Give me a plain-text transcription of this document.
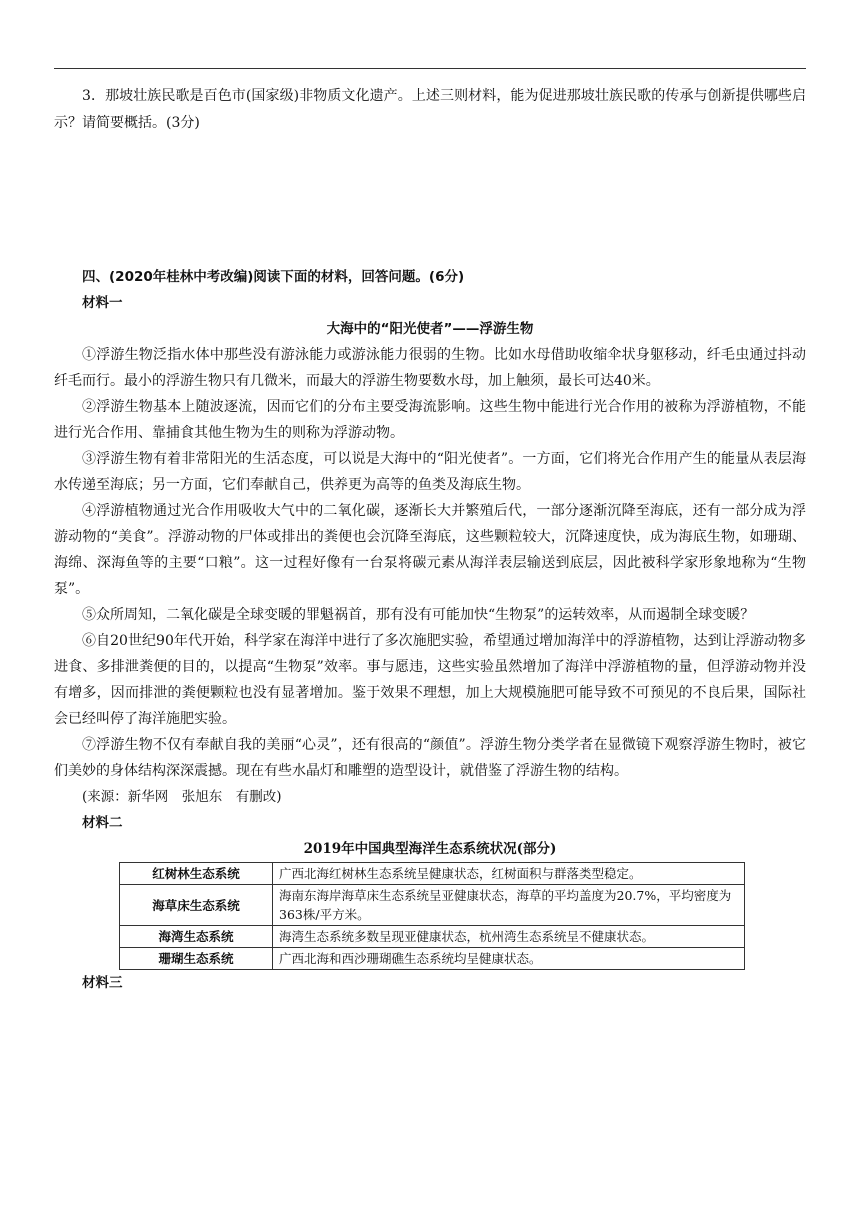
3．那坡壮族民歌是百色市(国家级)非物质文化遗产。上述三则材料，能为促进那坡壮族民歌的传承与创新提供哪些启示？请简要概括。(3分)

四、(2020年桂林中考改编)阅读下面的材料，回答问题。(6分)

材料一

大海中的“阳光使者”——浮游生物

①浮游生物泛指水体中那些没有游泳能力或游泳能力很弱的生物。比如水母借助收缩伞状身躯移动，纤毛虫通过抖动纤毛而行。最小的浮游生物只有几微米，而最大的浮游生物要数水母，加上触须，最长可达40米。

②浮游生物基本上随波逐流，因而它们的分布主要受海流影响。这些生物中能进行光合作用的被称为浮游植物，不能进行光合作用、靠捕食其他生物为生的则称为浮游动物。

③浮游生物有着非常阳光的生活态度，可以说是大海中的“阳光使者”。一方面，它们将光合作用产生的能量从表层海水传递至海底；另一方面，它们奉献自己，供养更为高等的鱼类及海底生物。

④浮游植物通过光合作用吸收大气中的二氧化碳，逐渐长大并繁殖后代，一部分逐渐沉降至海底，还有一部分成为浮游动物的“美食”。浮游动物的尸体或排出的粪便也会沉降至海底，这些颗粒较大，沉降速度快，成为海底生物，如珊瑚、海绵、深海鱼等的主要“口粮”。这一过程好像有一台泵将碳元素从海洋表层输送到底层，因此被科学家形象地称为“生物泵”。

⑤众所周知，二氧化碳是全球变暖的罪魁祸首，那有没有可能加快“生物泵”的运转效率，从而遏制全球变暖？

⑥自20世纪90年代开始，科学家在海洋中进行了多次施肥实验，希望通过增加海洋中的浮游植物，达到让浮游动物多进食、多排泄粪便的目的，以提高“生物泵”效率。事与愿违，这些实验虽然增加了海洋中浮游植物的量，但浮游动物并没有增多，因而排泄的粪便颗粒也没有显著增加。鉴于效果不理想，加上大规模施肥可能导致不可预见的不良后果，国际社会已经叫停了海洋施肥实验。

⑦浮游生物不仅有奉献自我的美丽“心灵”，还有很高的“颜值”。浮游生物分类学者在显微镜下观察浮游生物时，被它们美妙的身体结构深深震撼。现在有些水晶灯和雕塑的造型设计，就借鉴了浮游生物的结构。

(来源：新华网　张旭东　有删改)

材料二

2019年中国典型海洋生态系统状况(部分)

红树林生态系统	广西北海红树林生态系统呈健康状态，红树面积与群落类型稳定。
海草床生态系统	海南东海岸海草床生态系统呈亚健康状态，海草的平均盖度为20.7%，平均密度为363株/平方米。
海湾生态系统	海湾生态系统多数呈现亚健康状态，杭州湾生态系统呈不健康状态。
珊瑚生态系统	广西北海和西沙珊瑚礁生态系统均呈健康状态。

材料三
